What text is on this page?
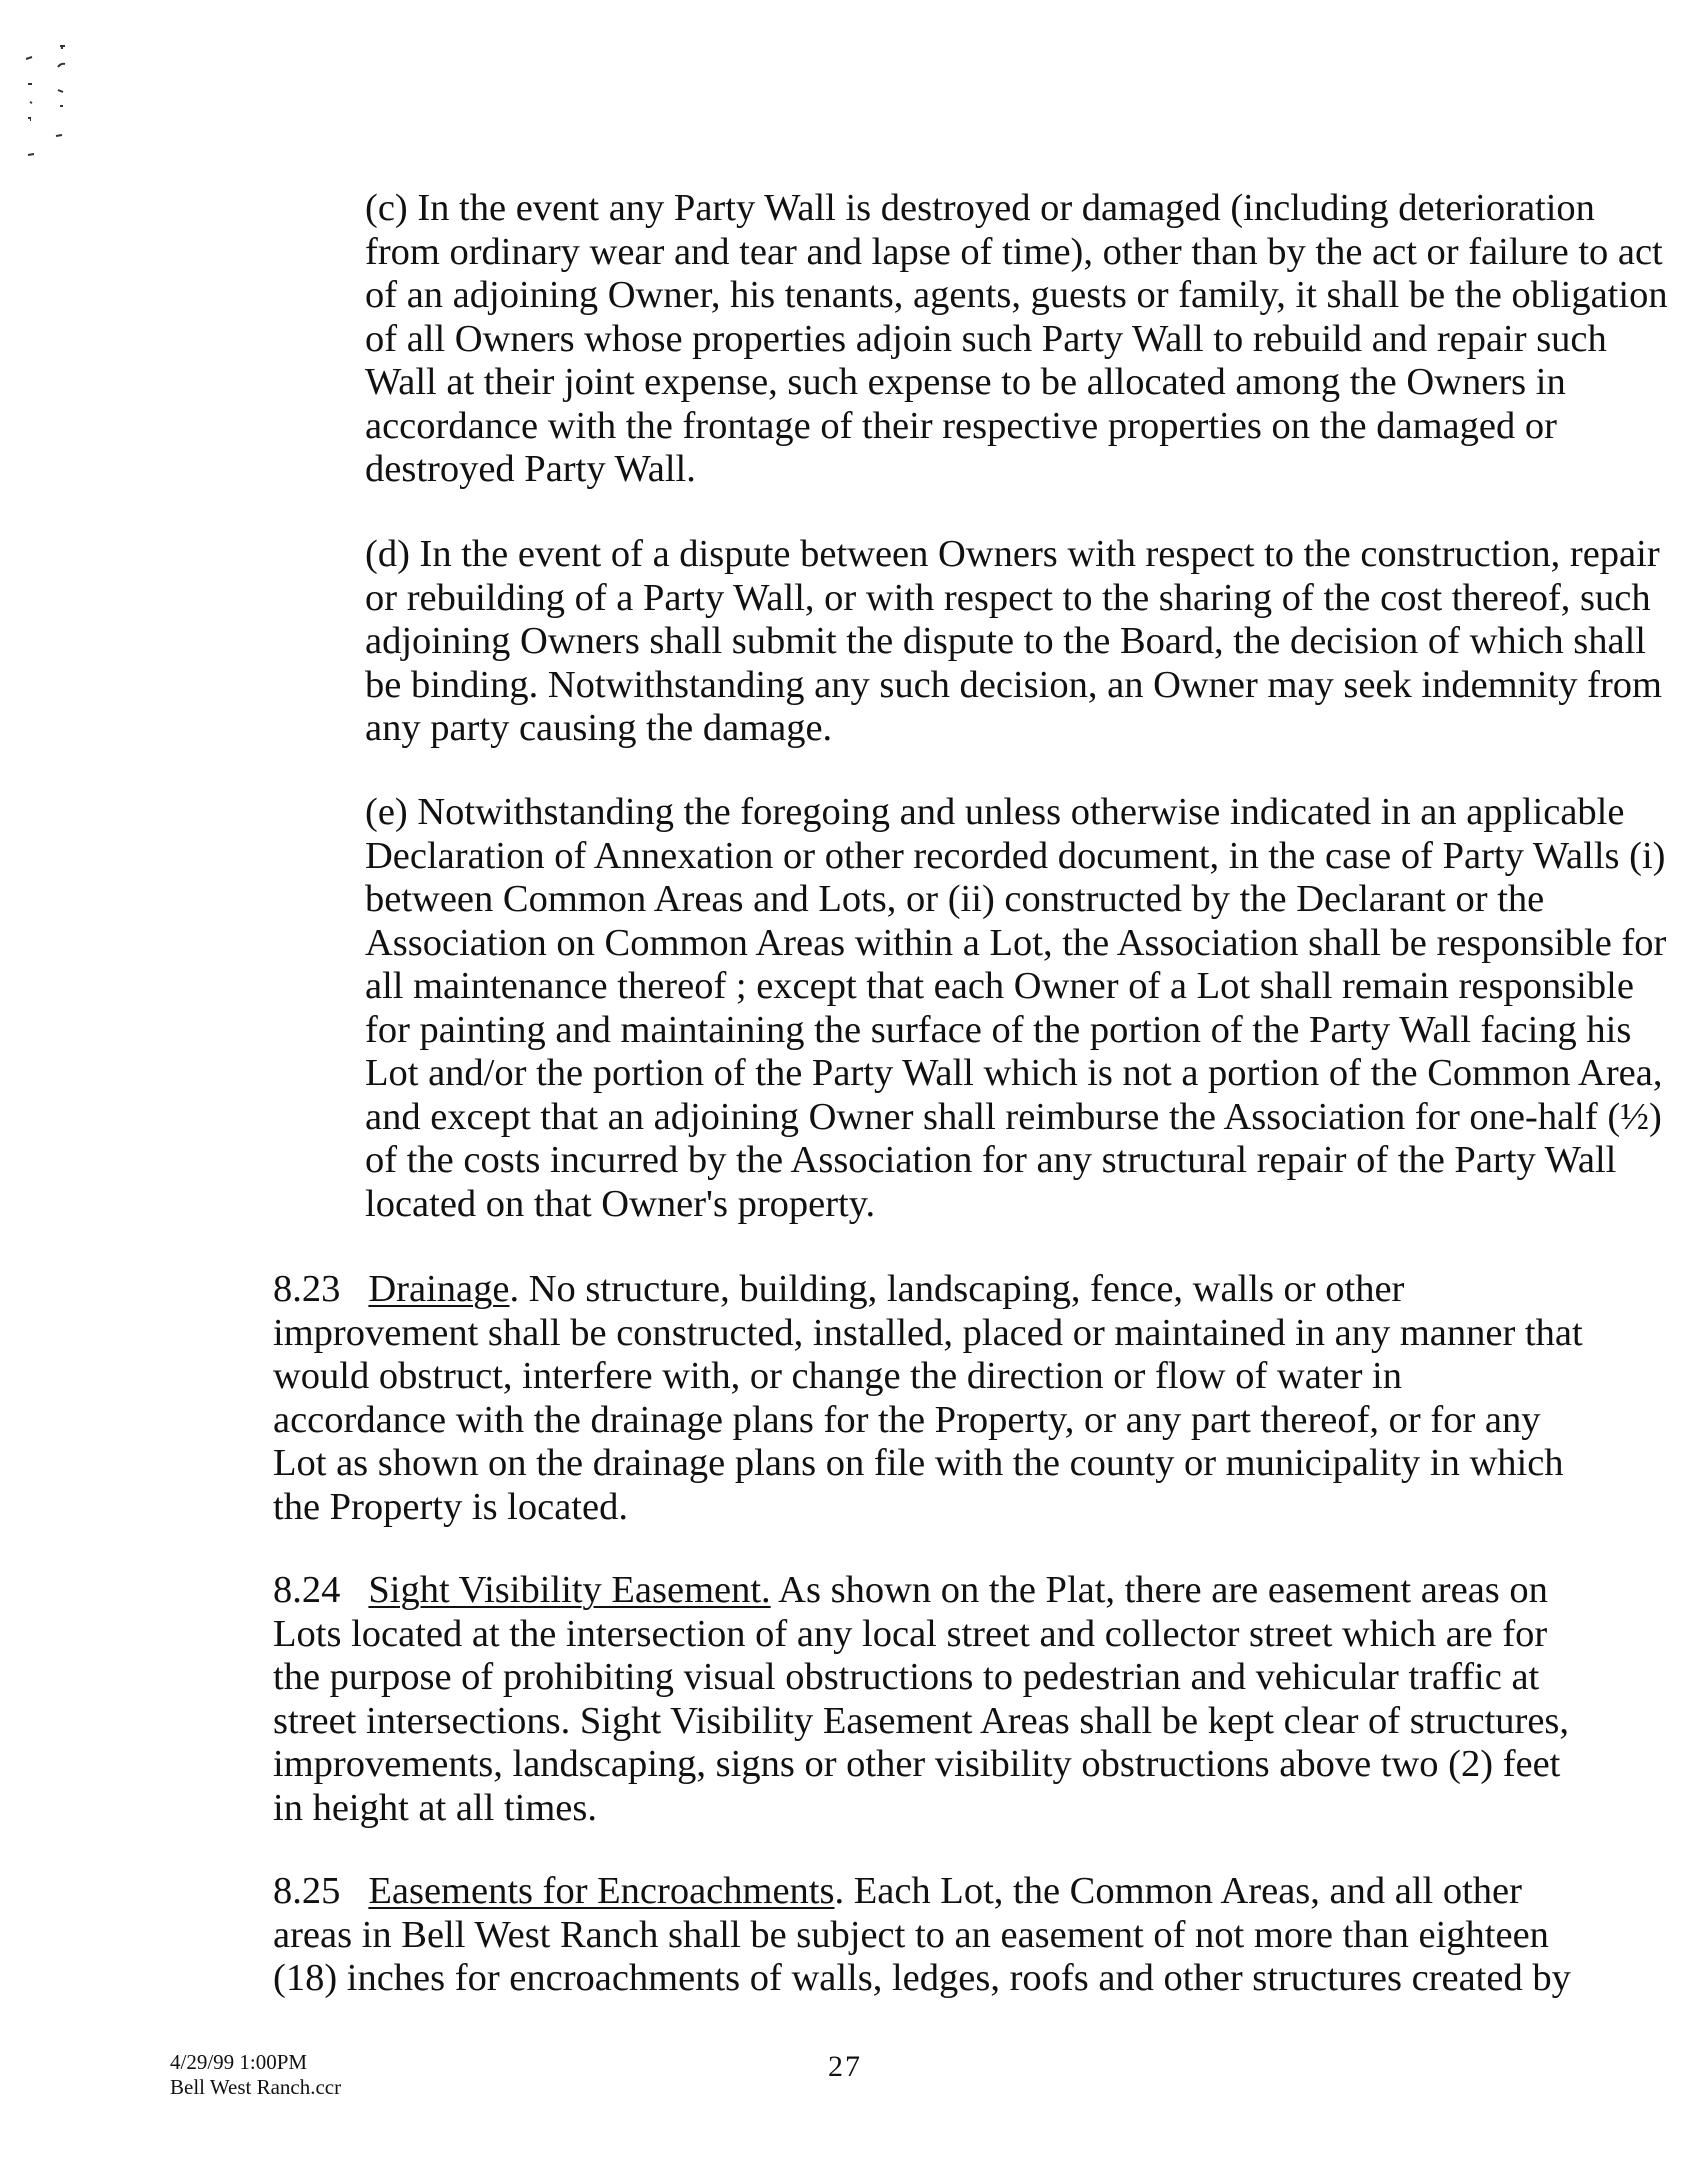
(c) In the event any Party Wall is destroyed or damaged (including deterioration from ordinary wear and tear and lapse of time), other than by the act or failure to act of an adjoining Owner, his tenants, agents, guests or family, it shall be the obligation of all Owners whose properties adjoin such Party Wall to rebuild and repair such Wall at their joint expense, such expense to be allocated among the Owners in accordance with the frontage of their respective properties on the damaged or destroyed Party Wall.

(d) In the event of a dispute between Owners with respect to the construction, repair or rebuilding of a Party Wall, or with respect to the sharing of the cost thereof, such adjoining Owners shall submit the dispute to the Board, the decision of which shall be binding. Notwithstanding any such decision, an Owner may seek indemnity from any party causing the damage.

(e) Notwithstanding the foregoing and unless otherwise indicated in an applicable Declaration of Annexation or other recorded document, in the case of Party Walls (i) between Common Areas and Lots, or (ii) constructed by the Declarant or the Association on Common Areas within a Lot, the Association shall be responsible for all maintenance thereof ; except that each Owner of a Lot shall remain responsible for painting and maintaining the surface of the portion of the Party Wall facing his Lot and/or the portion of the Party Wall which is not a portion of the Common Area, and except that an adjoining Owner shall reimburse the Association for one-half (½) of the costs incurred by the Association for any structural repair of the Party Wall located on that Owner's property.

8.23 Drainage. No structure, building, landscaping, fence, walls or other improvement shall be constructed, installed, placed or maintained in any manner that would obstruct, interfere with, or change the direction or flow of water in accordance with the drainage plans for the Property, or any part thereof, or for any Lot as shown on the drainage plans on file with the county or municipality in which the Property is located.

8.24 Sight Visibility Easement. As shown on the Plat, there are easement areas on Lots located at the intersection of any local street and collector street which are for the purpose of prohibiting visual obstructions to pedestrian and vehicular traffic at street intersections. Sight Visibility Easement Areas shall be kept clear of structures, improvements, landscaping, signs or other visibility obstructions above two (2) feet in height at all times.

8.25 Easements for Encroachments. Each Lot, the Common Areas, and all other areas in Bell West Ranch shall be subject to an easement of not more than eighteen (18) inches for encroachments of walls, ledges, roofs and other structures created by

4/29/99 1:00PM
Bell West Ranch.ccr
27
